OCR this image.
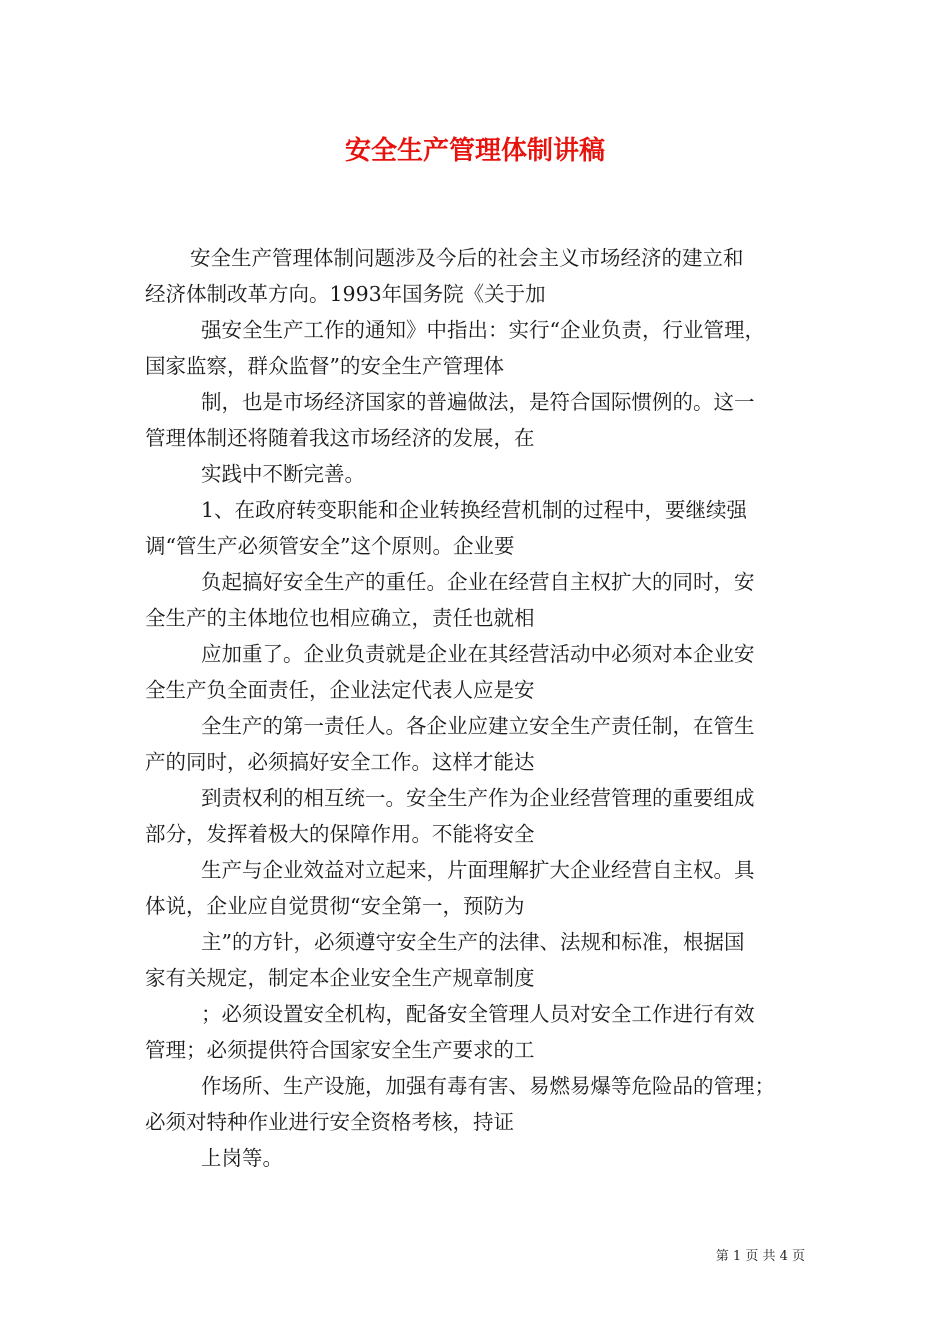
安全生产管理体制讲稿
安全生产管理体制问题涉及今后的社会主义市场经济的建立和
经济体制改革方向。1993年国务院《关于加
强安全生产工作的通知》中指出：实行“企业负责，行业管理，
国家监察，群众监督”的安全生产管理体
制，也是市场经济国家的普遍做法，是符合国际惯例的。这一
管理体制还将随着我这市场经济的发展，在
实践中不断完善。
1、在政府转变职能和企业转换经营机制的过程中，要继续强
调“管生产必须管安全”这个原则。企业要
负起搞好安全生产的重任。企业在经营自主权扩大的同时，安
全生产的主体地位也相应确立，责任也就相
应加重了。企业负责就是企业在其经营活动中必须对本企业安
全生产负全面责任，企业法定代表人应是安
全生产的第一责任人。各企业应建立安全生产责任制，在管生
产的同时，必须搞好安全工作。这样才能达
到责权利的相互统一。安全生产作为企业经营管理的重要组成
部分，发挥着极大的保障作用。不能将安全
生产与企业效益对立起来，片面理解扩大企业经营自主权。具
体说，企业应自觉贯彻“安全第一，预防为
主”的方针，必须遵守安全生产的法律、法规和标准，根据国
家有关规定，制定本企业安全生产规章制度
；必须设置安全机构，配备安全管理人员对安全工作进行有效
管理；必须提供符合国家安全生产要求的工
作场所、生产设施，加强有毒有害、易燃易爆等危险品的管理；
必须对特种作业进行安全资格考核，持证
上岗等。
第 1 页 共 4 页
